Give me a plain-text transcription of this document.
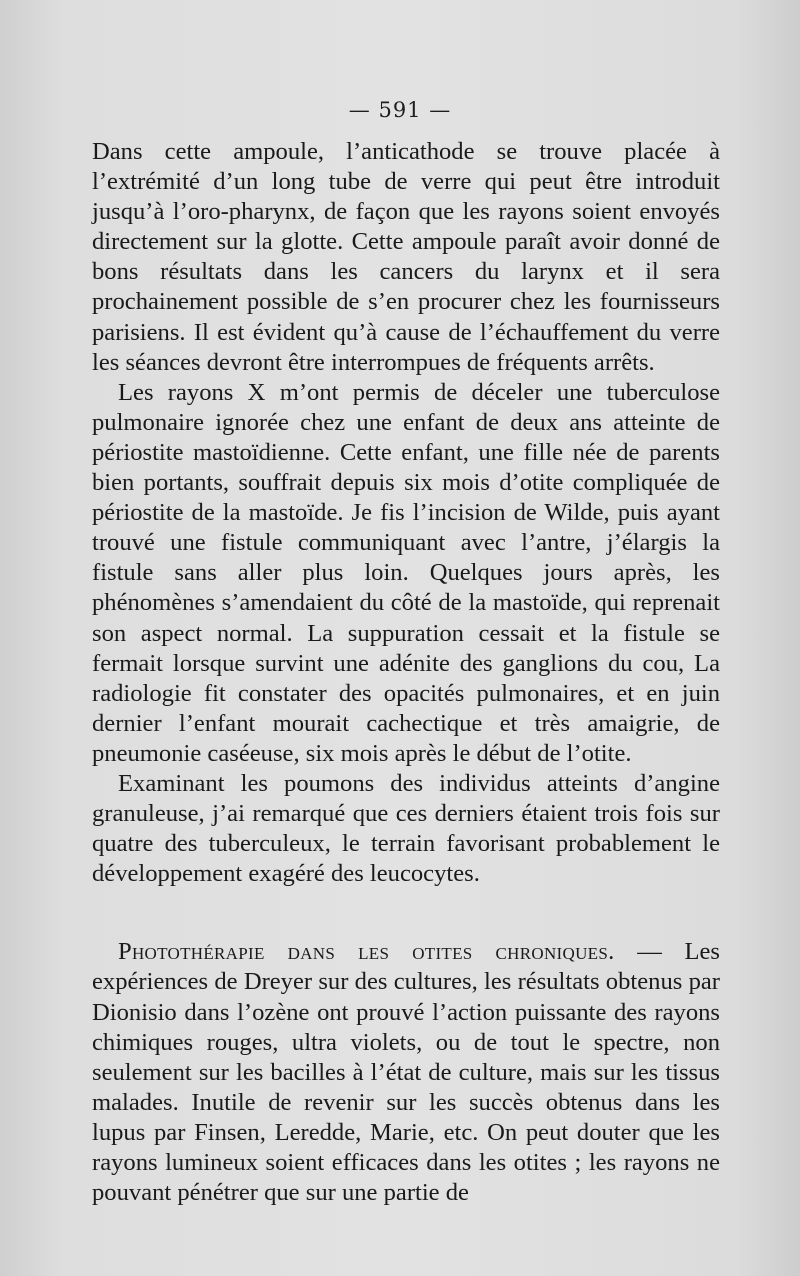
— 591 —

Dans cette ampoule, l’anticathode se trouve placée à l’extrémité d’un long tube de verre qui peut être introduit jusqu’à l’oro-pharynx, de façon que les rayons soient envoyés directement sur la glotte. Cette ampoule paraît avoir donné de bons résultats dans les cancers du larynx et il sera prochainement possible de s’en procurer chez les fournisseurs parisiens. Il est évident qu’à cause de l’échauffement du verre les séances devront être interrompues de fréquents arrêts.

Les rayons X m’ont permis de déceler une tuberculose pulmonaire ignorée chez une enfant de deux ans atteinte de périostite mastoïdienne. Cette enfant, une fille née de parents bien portants, souffrait depuis six mois d’otite compliquée de périostite de la mastoïde. Je fis l’incision de Wilde, puis ayant trouvé une fistule communiquant avec l’antre, j’élargis la fistule sans aller plus loin. Quelques jours après, les phénomènes s’amendaient du côté de la mastoïde, qui reprenait son aspect normal. La suppuration cessait et la fistule se fermait lorsque survint une adénite des ganglions du cou, La radiologie fit constater des opacités pulmonaires, et en juin dernier l’enfant mourait cachectique et très amaigrie, de pneumonie caséeuse, six mois après le début de l’otite.

Examinant les poumons des individus atteints d’angine granuleuse, j’ai remarqué que ces derniers étaient trois fois sur quatre des tuberculeux, le terrain favorisant probablement le développement exagéré des leucocytes.

Photothérapie dans les otites chroniques. — Les expériences de Dreyer sur des cultures, les résultats obtenus par Dionisio dans l’ozène ont prouvé l’action puissante des rayons chimiques rouges, ultra violets, ou de tout le spectre, non seulement sur les bacilles à l’état de culture, mais sur les tissus malades. Inutile de revenir sur les succès obtenus dans les lupus par Finsen, Leredde, Marie, etc. On peut douter que les rayons lumineux soient efficaces dans les otites ; les rayons ne pouvant pénétrer que sur une partie de
